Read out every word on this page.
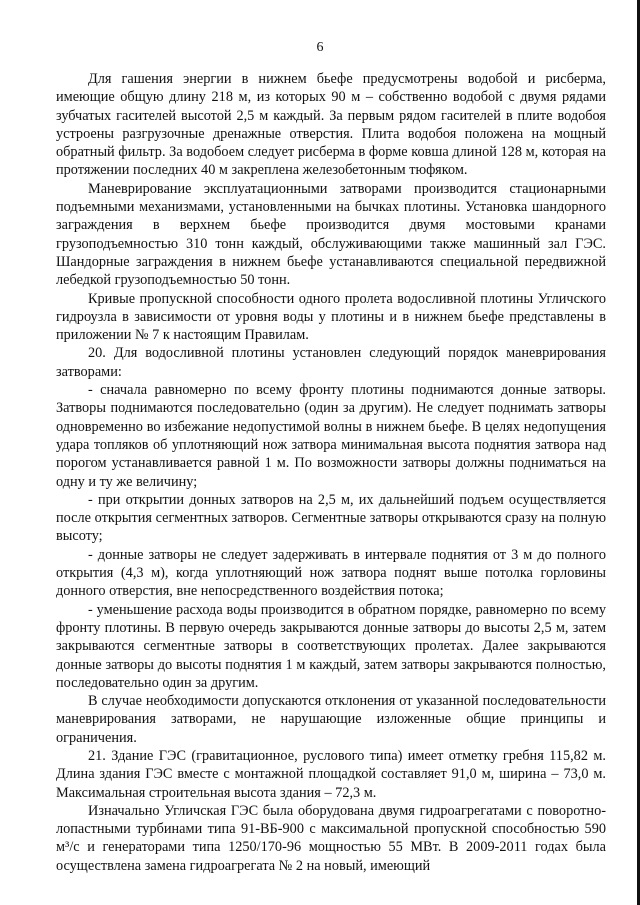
6

Для гашения энергии в нижнем бьефе предусмотрены водобой и рисберма, имеющие общую длину 218 м, из которых 90 м – собственно водобой с двумя рядами зубчатых гасителей высотой 2,5 м каждый. За первым рядом гасителей в плите водобоя устроены разгрузочные дренажные отверстия. Плита водобоя положена на мощный обратный фильтр. За водобоем следует рисберма в форме ковша длиной 128 м, которая на протяжении последних 40 м закреплена железобетонным тюфяком.

Маневрирование эксплуатационными затворами производится стационарными подъемными механизмами, установленными на бычках плотины. Установка шандорного заграждения в верхнем бьефе производится двумя мостовыми кранами грузоподъемностью 310 тонн каждый, обслуживающими также машинный зал ГЭС. Шандорные заграждения в нижнем бьефе устанавливаются специальной передвижной лебедкой грузоподъемностью 50 тонн.

Кривые пропускной способности одного пролета водосливной плотины Угличского гидроузла в зависимости от уровня воды у плотины и в нижнем бьефе представлены в приложении № 7 к настоящим Правилам.

20. Для водосливной плотины установлен следующий порядок маневрирования затворами:

- сначала равномерно по всему фронту плотины поднимаются донные затворы. Затворы поднимаются последовательно (один за другим). Не следует поднимать затворы одновременно во избежание недопустимой волны в нижнем бьефе. В целях недопущения удара топляков об уплотняющий нож затвора минимальная высота поднятия затвора над порогом устанавливается равной 1 м. По возможности затворы должны подниматься на одну и ту же величину;

- при открытии донных затворов на 2,5 м, их дальнейший подъем осуществляется после открытия сегментных затворов. Сегментные затворы открываются сразу на полную высоту;

- донные затворы не следует задерживать в интервале поднятия от 3 м до полного открытия (4,3 м), когда уплотняющий нож затвора поднят выше потолка горловины донного отверстия, вне непосредственного воздействия потока;

- уменьшение расхода воды производится в обратном порядке, равномерно по всему фронту плотины. В первую очередь закрываются донные затворы до высоты 2,5 м, затем закрываются сегментные затворы в соответствующих пролетах. Далее закрываются донные затворы до высоты поднятия 1 м каждый, затем затворы закрываются полностью, последовательно один за другим.

В случае необходимости допускаются отклонения от указанной последовательности маневрирования затворами, не нарушающие изложенные общие принципы и ограничения.

21. Здание ГЭС (гравитационное, руслового типа) имеет отметку гребня 115,82 м. Длина здания ГЭС вместе с монтажной площадкой составляет 91,0 м, ширина – 73,0 м. Максимальная строительная высота здания – 72,3 м.

Изначально Угличская ГЭС была оборудована двумя гидроагрегатами с поворотно-лопастными турбинами типа 91-ВБ-900 с максимальной пропускной способностью 590 м³/с и генераторами типа 1250/170-96 мощностью 55 МВт. В 2009-2011 годах была осуществлена замена гидроагрегата № 2 на новый, имеющий
